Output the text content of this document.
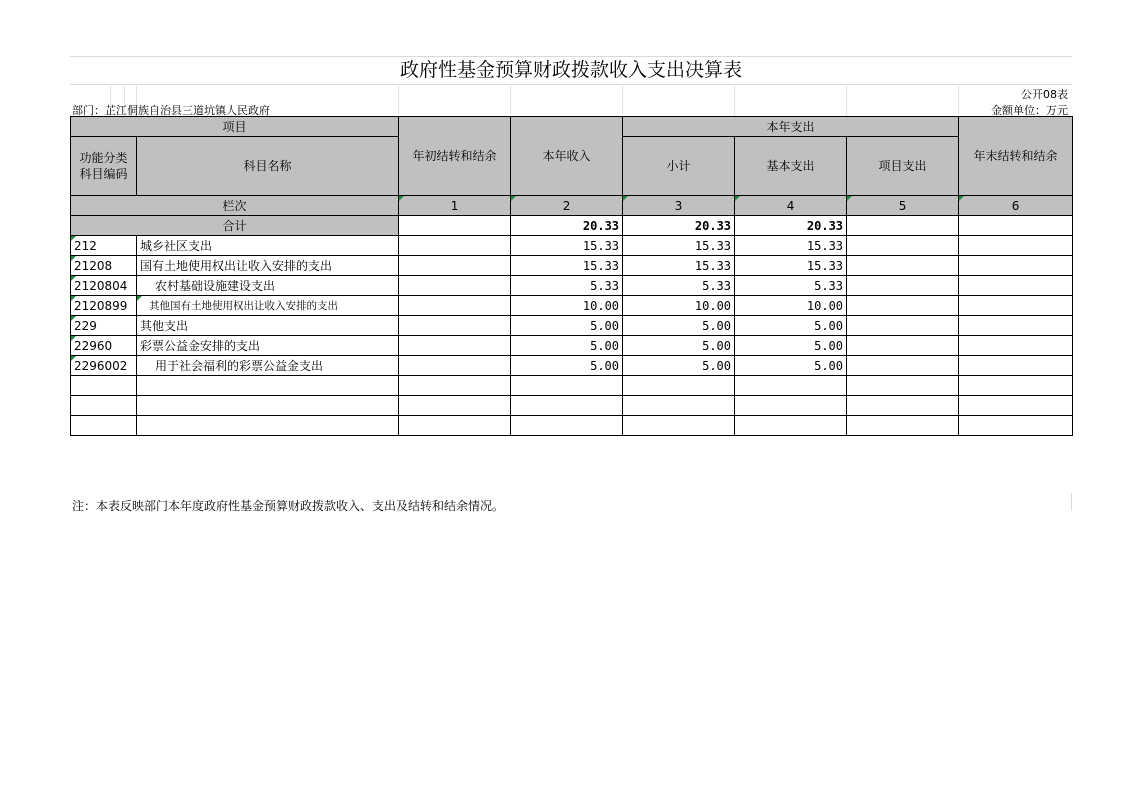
政府性基金预算财政拨款收入支出决算表
公开08表
部门：芷江侗族自治县三道坑镇人民政府	金额单位：万元
项目		年初结转和结余	本年收入	本年支出			年末结转和结余
功能分类
科目编码	科目名称			小计	基本支出	项目支出	
栏次		1	2	3	4	5	6
合计			20.33	20.33	20.33		
212	城乡社区支出		15.33	15.33	15.33		
21208	国有土地使用权出让收入安排的支出		15.33	15.33	15.33		
2120804	农村基础设施建设支出		5.33	5.33	5.33		
2120899	其他国有土地使用权出让收入安排的支出		10.00	10.00	10.00		
229	其他支出		5.00	5.00	5.00		
22960	彩票公益金安排的支出		5.00	5.00	5.00		
2296002	用于社会福利的彩票公益金支出		5.00	5.00	5.00		

注：本表反映部门本年度政府性基金预算财政拨款收入、支出及结转和结余情况。
